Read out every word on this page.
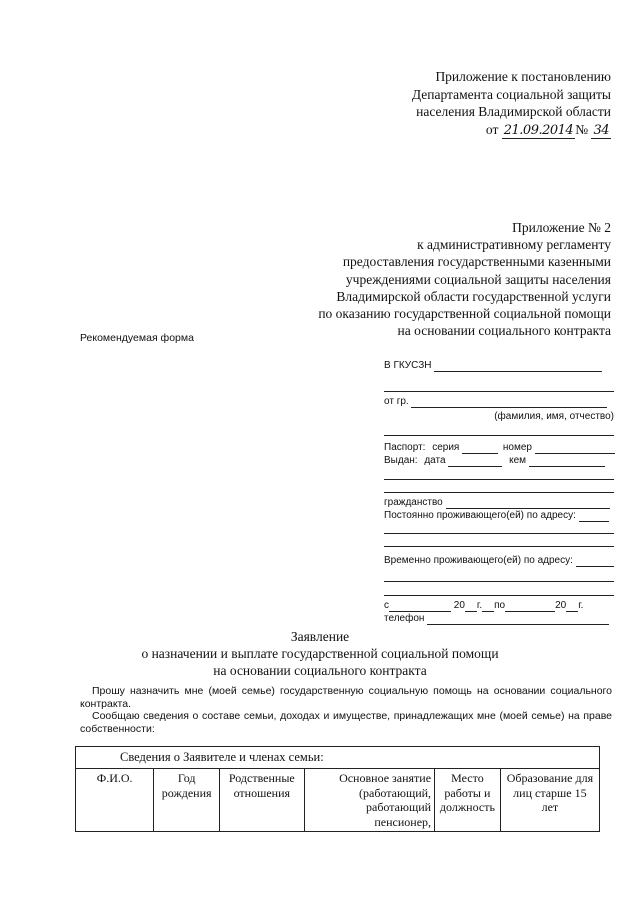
Приложение к постановлению
Департамента социальной защиты
населения Владимирской области
от 21.09.2014 № 34
Приложение № 2
к административному регламенту
предоставления государственными казенными
учреждениями социальной защиты населения
Владимирской области государственной услуги
по оказанию государственной социальной помощи
на основании социального контракта
Рекомендуемая форма
В ГКУСЗН
от гр.
(фамилия, имя, отчество)
Паспорт: серия	номер
Выдан: дата	кем
гражданство
Постоянно проживающего(ей) по адресу:
Временно проживающего(ей) по адресу:
с	20 г. по	20 г.
телефон
Заявление
о назначении и выплате государственной социальной помощи
на основании социального контракта

Прошу назначить мне (моей семье) государственную социальную помощь на основании социального контракта.

Сообщаю сведения о составе семьи, доходах и имуществе, принадлежащих мне (моей семье) на праве собственности:

Сведения о Заявителе и членах семьи:
Ф.И.О.	Год рождения	Родственные отношения	Основное занятие (работающий, работающий пенсионер,	Место работы и должность	Образование для лиц старше 15 лет
